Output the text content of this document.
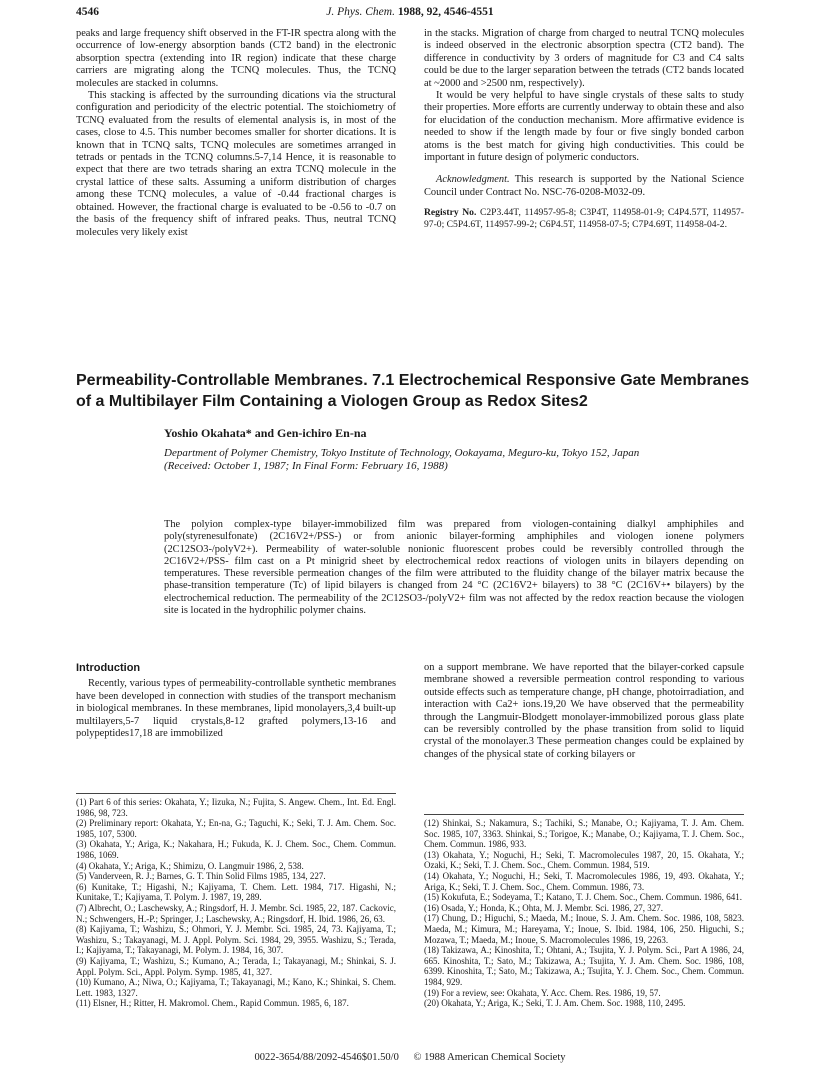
4546	J. Phys. Chem. 1988, 92, 4546-4551

peaks and large frequency shift observed in the FT-IR spectra along with the occurrence of low-energy absorption bands (CT2 band) in the electronic absorption spectra (extending into IR region) indicate that these charge carriers are migrating along the TCNQ molecules. Thus, the TCNQ molecules are stacked in columns.

This stacking is affected by the surrounding dications via the structural configuration and periodicity of the electric potential. The stoichiometry of TCNQ evaluated from the results of elemental analysis is, in most of the cases, close to 4.5. This number becomes smaller for shorter dications. It is known that in TCNQ salts, TCNQ molecules are sometimes arranged in tetrads or pentads in the TCNQ columns.5-7,14 Hence, it is reasonable to expect that there are two tetrads sharing an extra TCNQ molecule in the crystal lattice of these salts. Assuming a uniform distribution of charges among these TCNQ molecules, a value of -0.44 fractional charges is obtained. However, the fractional charge is evaluated to be -0.56 to -0.7 on the basis of the frequency shift of infrared peaks. Thus, neutral TCNQ molecules very likely exist

in the stacks. Migration of charge from charged to neutral TCNQ molecules is indeed observed in the electronic absorption spectra (CT2 band). The difference in conductivity by 3 orders of magnitude for C3 and C4 salts could be due to the larger separation between the tetrads (CT2 bands located at ~2000 and >2500 nm, respectively).

It would be very helpful to have single crystals of these salts to study their properties. More efforts are currently underway to obtain these and also for elucidation of the conduction mechanism. More affirmative evidence is needed to show if the length made by four or five singly bonded carbon atoms is the best match for giving high conductivities. This could be important in future design of polymeric conductors.

Acknowledgment. This research is supported by the National Science Council under Contract No. NSC-76-0208-M032-09.

Registry No. C2P3.44T, 114957-95-8; C3P4T, 114958-01-9; C4P4.57T, 114957-97-0; C5P4.6T, 114957-99-2; C6P4.5T, 114958-07-5; C7P4.69T, 114958-04-2.

Permeability-Controllable Membranes. 7.1 Electrochemical Responsive Gate Membranes of a Multibilayer Film Containing a Viologen Group as Redox Sites2
Yoshio Okahata* and Gen-ichiro En-na
Department of Polymer Chemistry, Tokyo Institute of Technology, Ookayama, Meguro-ku, Tokyo 152, Japan
(Received: October 1, 1987; In Final Form: February 16, 1988)

The polyion complex-type bilayer-immobilized film was prepared from viologen-containing dialkyl amphiphiles and poly(styrenesulfonate) (2C16V2+/PSS-) or from anionic bilayer-forming amphiphiles and viologen ionene polymers (2C12SO3-/polyV2+). Permeability of water-soluble nonionic fluorescent probes could be reversibly controlled through the 2C16V2+/PSS- film cast on a Pt minigrid sheet by electrochemical redox reactions of viologen units in bilayers depending on temperatures. These reversible permeation changes of the film were attributed to the fluidity change of the bilayer matrix because the phase-transition temperature (Tc) of lipid bilayers is changed from 24 °C (2C16V2+ bilayers) to 38 °C (2C16V+• bilayers) by the electrochemical reduction. The permeability of the 2C12SO3-/polyV2+ film was not affected by the redox reaction because the viologen site is located in the hydrophilic polymer chains.

Introduction

Recently, various types of permeability-controllable synthetic membranes have been developed in connection with studies of the transport mechanism in biological membranes. In these membranes, lipid monolayers,3,4 built-up multilayers,5-7 liquid crystals,8-12 grafted polymers,13-16 and polypeptides17,18 are immobilized

on a support membrane. We have reported that the bilayer-corked capsule membrane showed a reversible permeation control responding to various outside effects such as temperature change, pH change, photoirradiation, and interaction with Ca2+ ions.19,20 We have observed that the permeability through the Langmuir-Blodgett monolayer-immobilized porous glass plate can be reversibly controlled by the phase transition from solid to liquid crystal of the monolayer.3 These permeation changes could be explained by changes of the physical state of corking bilayers or

(1) Part 6 of this series: Okahata, Y.; Iizuka, N.; Fujita, S. Angew. Chem., Int. Ed. Engl. 1986, 98, 723.
(2) Preliminary report: Okahata, Y.; En-na, G.; Taguchi, K.; Seki, T. J. Am. Chem. Soc. 1985, 107, 5300.
(3) Okahata, Y.; Ariga, K.; Nakahara, H.; Fukuda, K. J. Chem. Soc., Chem. Commun. 1986, 1069.
(4) Okahata, Y.; Ariga, K.; Shimizu, O. Langmuir 1986, 2, 538.
(5) Vanderveen, R. J.; Barnes, G. T. Thin Solid Films 1985, 134, 227.
(6) Kunitake, T.; Higashi, N.; Kajiyama, T. Chem. Lett. 1984, 717. Higashi, N.; Kunitake, T.; Kajiyama, T. Polym. J. 1987, 19, 289.
(7) Albrecht, O.; Laschewsky, A.; Ringsdorf, H. J. Membr. Sci. 1985, 22, 187. Cackovic, N.; Schwengers, H.-P.; Springer, J.; Laschewsky, A.; Ringsdorf, H. Ibid. 1986, 26, 63.
(8) Kajiyama, T.; Washizu, S.; Ohmori, Y. J. Membr. Sci. 1985, 24, 73. Kajiyama, T.; Washizu, S.; Takayanagi, M. J. Appl. Polym. Sci. 1984, 29, 3955. Washizu, S.; Terada, I.; Kajiyama, T.; Takayanagi, M. Polym. J. 1984, 16, 307.
(9) Kajiyama, T.; Washizu, S.; Kumano, A.; Terada, I.; Takayanagi, M.; Shinkai, S. J. Appl. Polym. Sci., Appl. Polym. Symp. 1985, 41, 327.
(10) Kumano, A.; Niwa, O.; Kajiyama, T.; Takayanagi, M.; Kano, K.; Shinkai, S. Chem. Lett. 1983, 1327.
(11) Elsner, H.; Ritter, H. Makromol. Chem., Rapid Commun. 1985, 6, 187.
(12) Shinkai, S.; Nakamura, S.; Tachiki, S.; Manabe, O.; Kajiyama, T. J. Am. Chem. Soc. 1985, 107, 3363. Shinkai, S.; Torigoe, K.; Manabe, O.; Kajiyama, T. J. Chem. Soc., Chem. Commun. 1986, 933.
(13) Okahata, Y.; Noguchi, H.; Seki, T. Macromolecules 1987, 20, 15. Okahata, Y.; Ozaki, K.; Seki, T. J. Chem. Soc., Chem. Commun. 1984, 519.
(14) Okahata, Y.; Noguchi, H.; Seki, T. Macromolecules 1986, 19, 493. Okahata, Y.; Ariga, K.; Seki, T. J. Chem. Soc., Chem. Commun. 1986, 73.
(15) Kokufuta, E.; Sodeyama, T.; Katano, T. J. Chem. Soc., Chem. Commun. 1986, 641.
(16) Osada, Y.; Honda, K.; Ohta, M. J. Membr. Sci. 1986, 27, 327.
(17) Chung, D.; Higuchi, S.; Maeda, M.; Inoue, S. J. Am. Chem. Soc. 1986, 108, 5823. Maeda, M.; Kimura, M.; Hareyama, Y.; Inoue, S. Ibid. 1984, 106, 250. Higuchi, S.; Mozawa, T.; Maeda, M.; Inoue, S. Macromolecules 1986, 19, 2263.
(18) Takizawa, A.; Kinoshita, T.; Ohtani, A.; Tsujita, Y. J. Polym. Sci., Part A 1986, 24, 665. Kinoshita, T.; Sato, M.; Takizawa, A.; Tsujita, Y. J. Am. Chem. Soc. 1986, 108, 6399. Kinoshita, T.; Sato, M.; Takizawa, A.; Tsujita, Y. J. Chem. Soc., Chem. Commun. 1984, 929.
(19) For a review, see: Okahata, Y. Acc. Chem. Res. 1986, 19, 57.
(20) Okahata, Y.; Ariga, K.; Seki, T. J. Am. Chem. Soc. 1988, 110, 2495.
0022-3654/88/2092-4546$01.50/0 © 1988 American Chemical Society
